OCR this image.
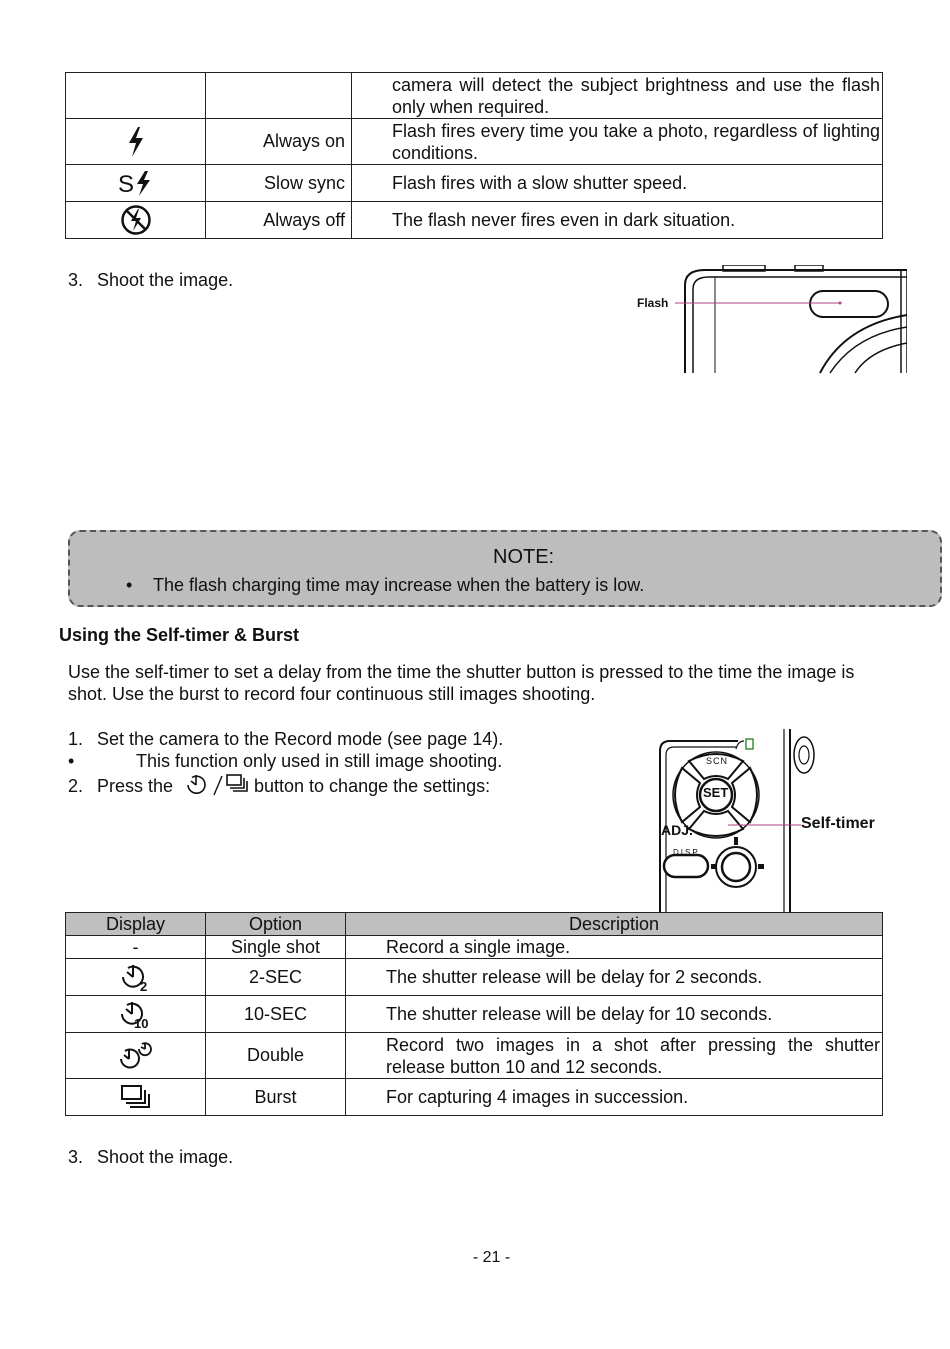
		camera will detect the subject brightness and use the flash only when required.
	Always on	Flash fires every time you take a photo, regardless of lighting conditions.

S	Slow sync	Flash fires with a slow shutter speed.
	Always off	The flash never fires even in dark situation.
3. Shoot the image.
Flash
NOTE:
• The flash charging time may increase when the battery is low.
Using the Self-timer & Burst
Use the self-timer to set a delay from the time the shutter button is pressed to the time the image is
shot. Use the burst to record four continuous still images shooting.
1. Set the camera to the Record mode (see page 14).
•	This function only used in still image shooting.
2. Press the	button to change the settings:
SCN
SET
ADJ.
DISP
Self-timer
Display	Option	Description
-	Single shot	Record a single image.

2	2-SEC	The shutter release will be delay for 2 seconds.

10	10-SEC	The shutter release will be delay for 10 seconds.
	Double	Record two images in a shot after pressing the shutter release button 10 and 12 seconds.
	Burst	For capturing 4 images in succession.
3. Shoot the image.
- 21 -
